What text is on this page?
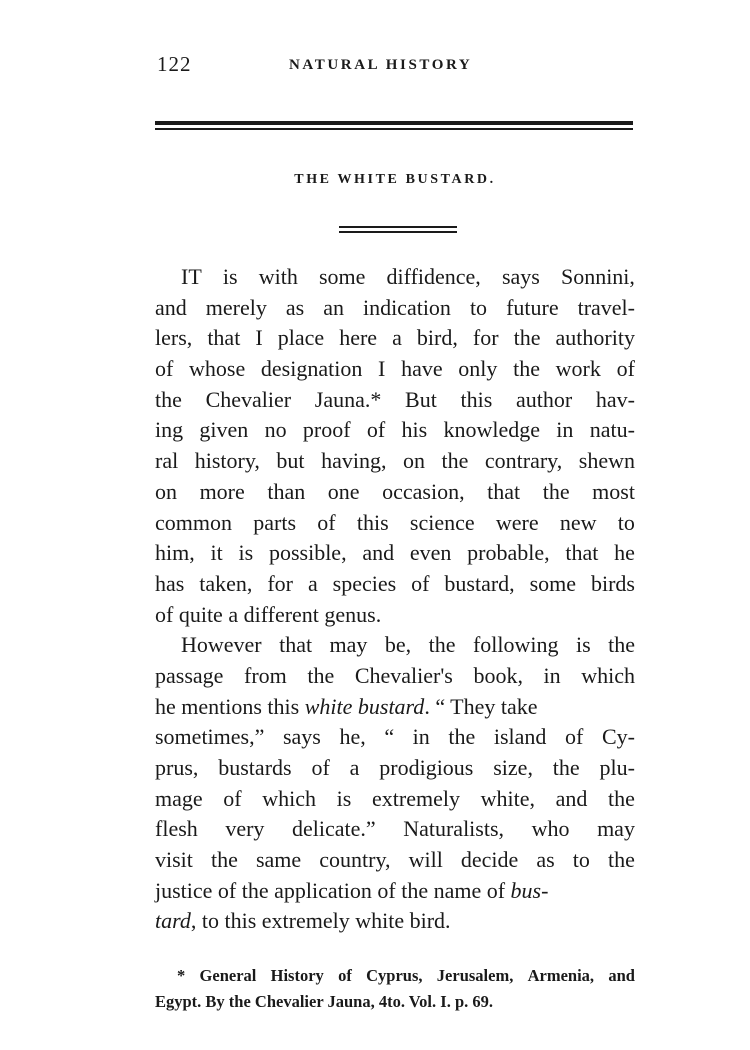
122	NATURAL HISTORY
THE WHITE BUSTARD.
IT is with some diffidence, says Sonnini,
and merely as an indication to future travel-
lers, that I place here a bird, for the authority
of whose designation I have only the work of
the Chevalier Jauna.* But this author hav-
ing given no proof of his knowledge in natu-
ral history, but having, on the contrary, shewn
on more than one occasion, that the most
common parts of this science were new to
him, it is possible, and even probable, that he
has taken, for a species of bustard, some birds
of quite a different genus.
However that may be, the following is the
passage from the Chevalier's book, in which
he mentions this white bustard. “ They take
sometimes,” says he, “ in the island of Cy-
prus, bustards of a prodigious size, the plu-
mage of which is extremely white, and the
flesh very delicate.” Naturalists, who may
visit the same country, will decide as to the
justice of the application of the name of bus-
tard, to this extremely white bird.
* General History of Cyprus, Jerusalem, Armenia, and
Egypt. By the Chevalier Jauna, 4to. Vol. I. p. 69.
